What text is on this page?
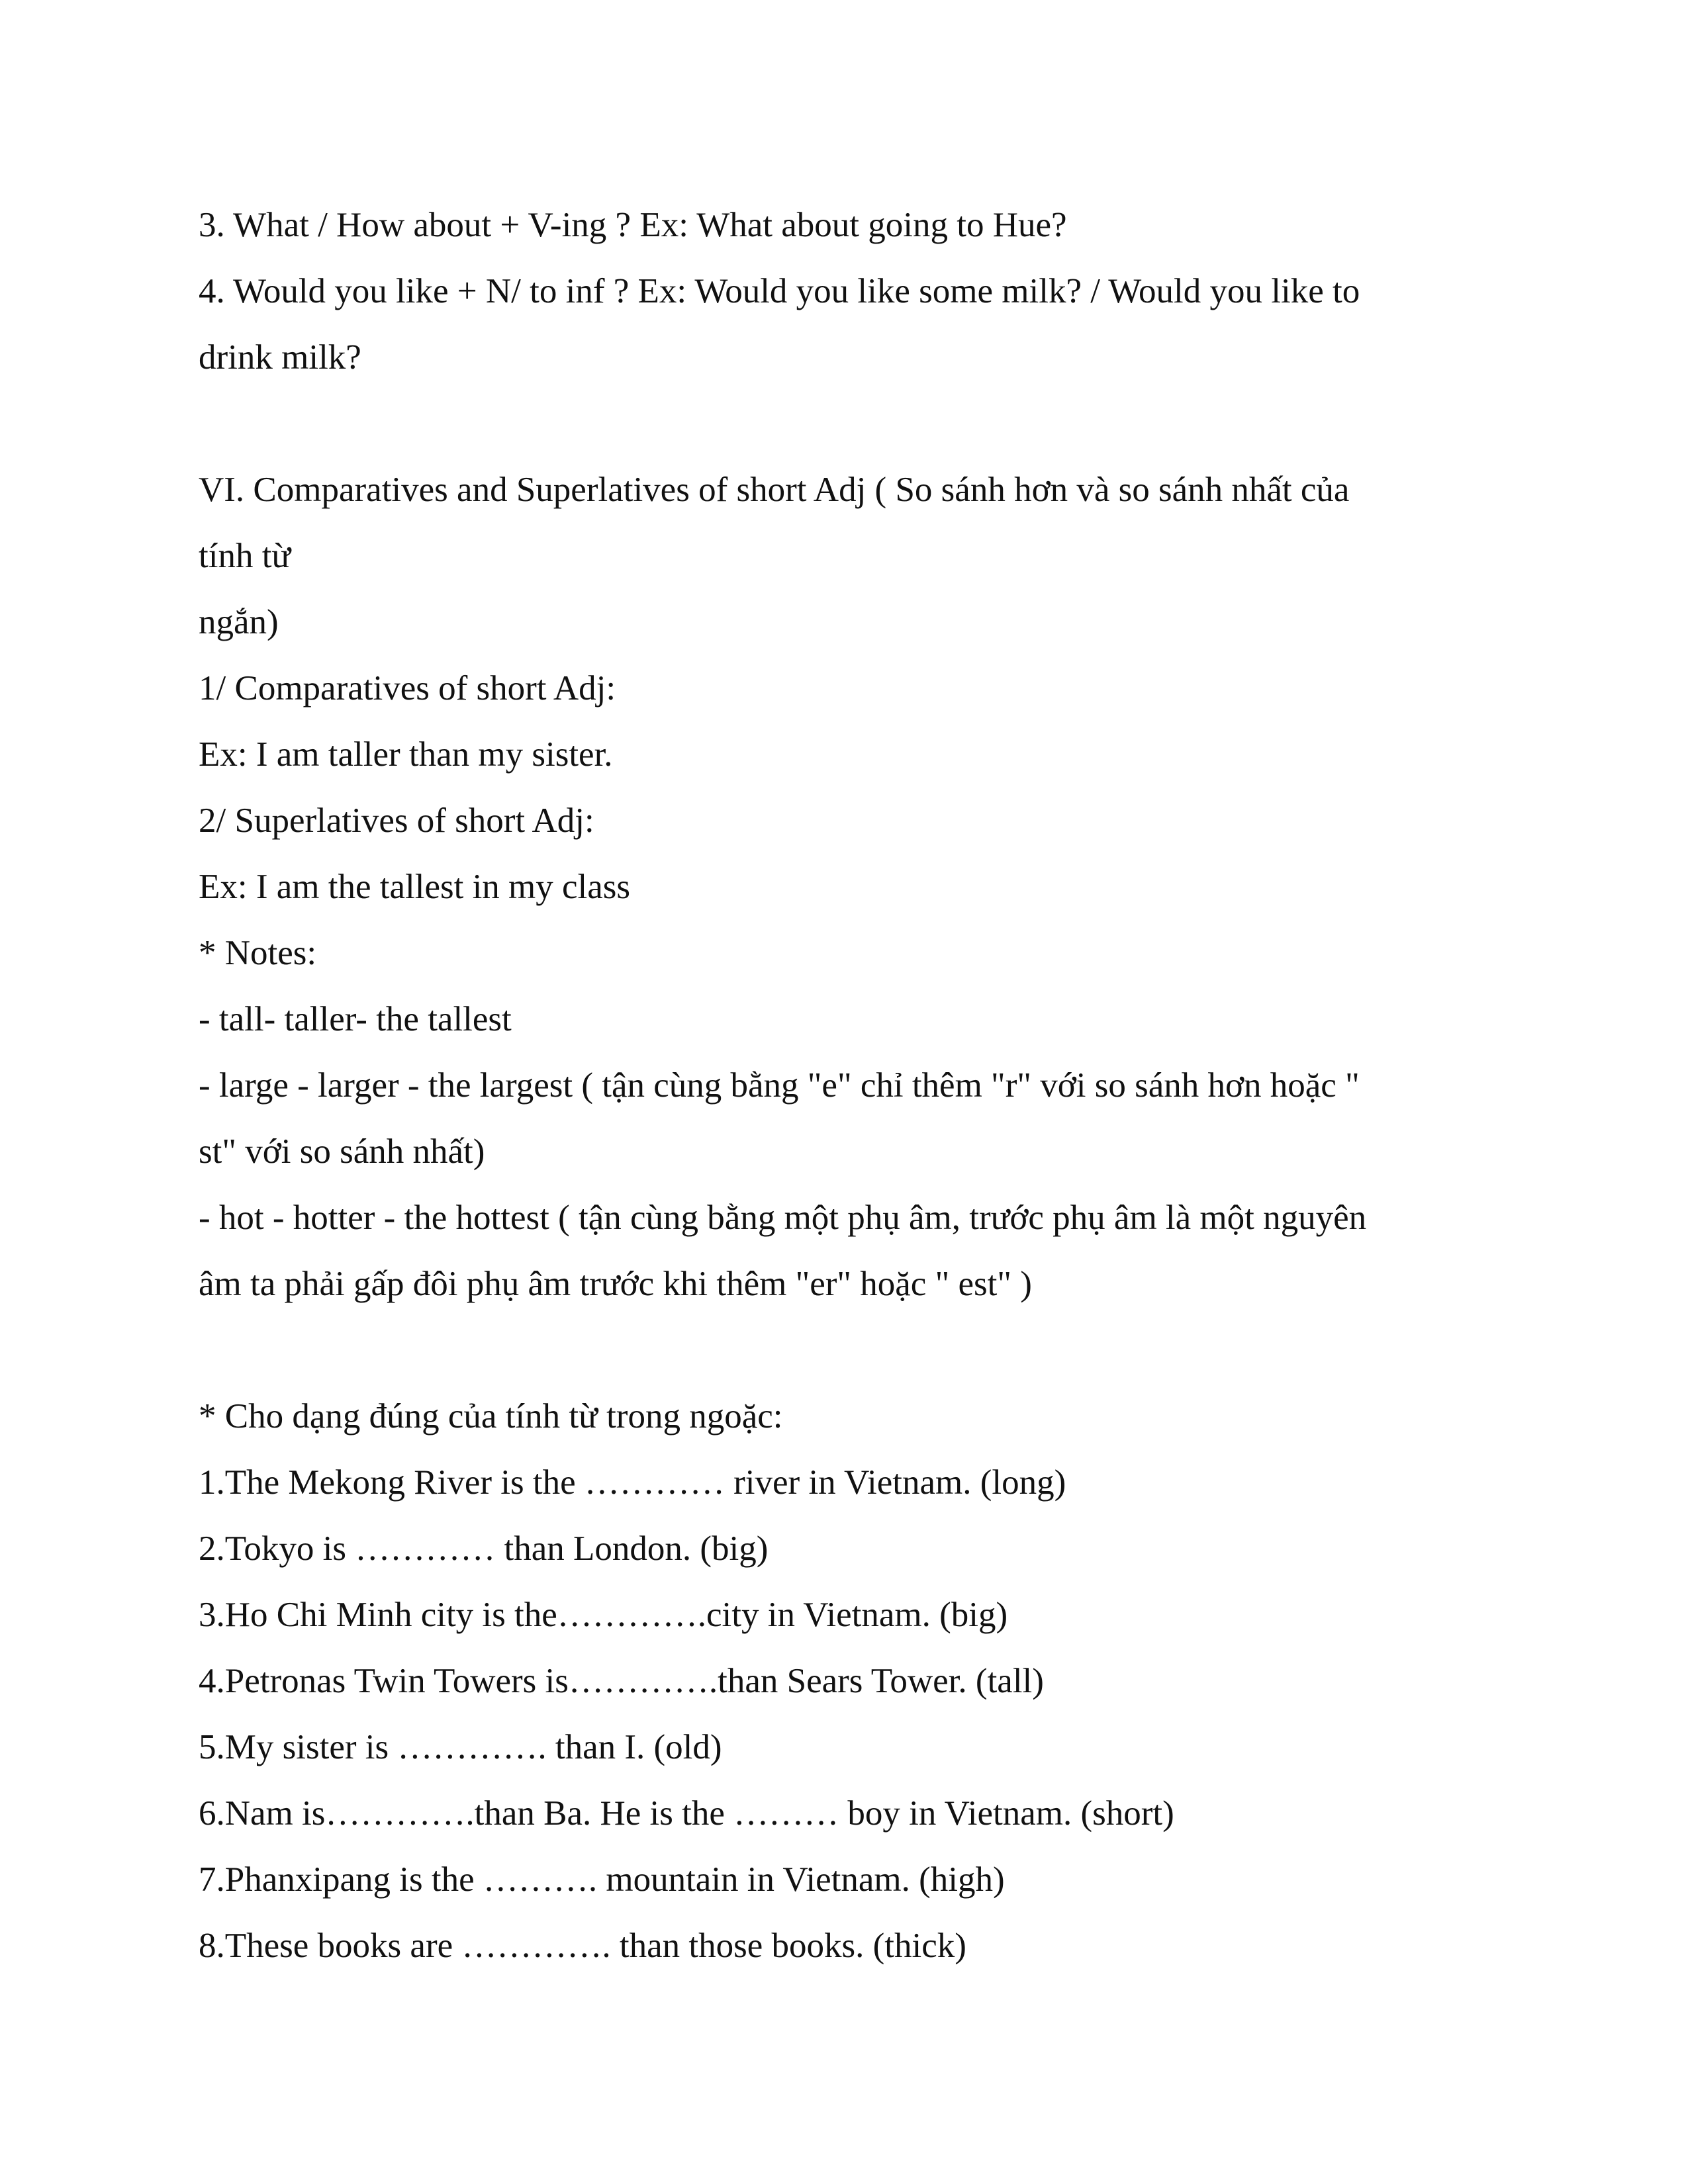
3. What / How about + V-ing ? Ex: What about going to Hue?
4. Would you like + N/ to inf ? Ex: Would you like some milk? / Would you like to
drink milk?
VI. Comparatives and Superlatives of short Adj ( So sánh hơn và so sánh nhất của
tính từ
ngắn)
1/ Comparatives of short Adj:
Ex: I am taller than my sister.
2/ Superlatives of short Adj:
Ex: I am the tallest in my class
* Notes:
- tall- taller- the tallest
- large - larger - the largest ( tận cùng bằng "e" chỉ thêm "r" với so sánh hơn hoặc "
st" với so sánh nhất)
- hot - hotter - the hottest ( tận cùng bằng một phụ âm, trước phụ âm là một nguyên
âm ta phải gấp đôi phụ âm trước khi thêm "er" hoặc " est" )
* Cho dạng đúng của tính từ trong ngoặc:
1.The Mekong River is the ………… river in Vietnam. (long)
2.Tokyo is ………… than London. (big)
3.Ho Chi Minh city is the………….city in Vietnam. (big)
4.Petronas Twin Towers is………….than Sears Tower. (tall)
5.My sister is …………. than I. (old)
6.Nam is………….than Ba. He is the ……… boy in Vietnam. (short)
7.Phanxipang is the ………. mountain in Vietnam. (high)
8.These books are …………. than those books. (thick)
